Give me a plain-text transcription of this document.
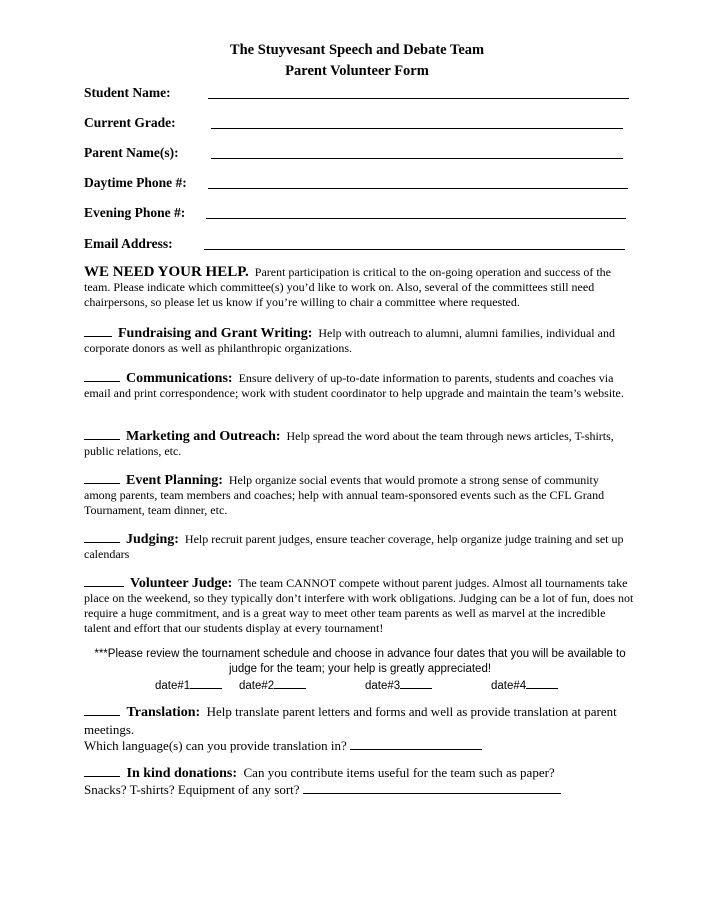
The Stuyvesant Speech and Debate Team
Parent Volunteer Form
Student Name:
Current Grade:
Parent Name(s):
Daytime Phone #:
Evening Phone #:
Email Address:
WE NEED YOUR HELP. Parent participation is critical to the on-going operation and success of the team. Please indicate which committee(s) you’d like to work on. Also, several of the committees still need chairpersons, so please let us know if you’re willing to chair a committee where requested.
Fundraising and Grant Writing: Help with outreach to alumni, alumni families, individual and corporate donors as well as philanthropic organizations.
Communications: Ensure delivery of up-to-date information to parents, students and coaches via email and print correspondence; work with student coordinator to help upgrade and maintain the team’s website.
Marketing and Outreach: Help spread the word about the team through news articles, T-shirts, public relations, etc.
Event Planning: Help organize social events that would promote a strong sense of community among parents, team members and coaches; help with annual team-sponsored events such as the CFL Grand Tournament, team dinner, etc.
Judging: Help recruit parent judges, ensure teacher coverage, help organize judge training and set up calendars
Volunteer Judge: The team CANNOT compete without parent judges. Almost all tournaments take place on the weekend, so they typically don’t interfere with work obligations. Judging can be a lot of fun, does not require a huge commitment, and is a great way to meet other team parents as well as marvel at the incredible talent and effort that our students display at every tournament!
***Please review the tournament schedule and choose in advance four dates that you will be available to judge for the team; your help is greatly appreciated!
date#1	date#2	date#3	date#4
Translation: Help translate parent letters and forms and well as provide translation at parent meetings.
Which language(s) can you provide translation in?
In kind donations: Can you contribute items useful for the team such as paper?
Snacks? T-shirts? Equipment of any sort?
